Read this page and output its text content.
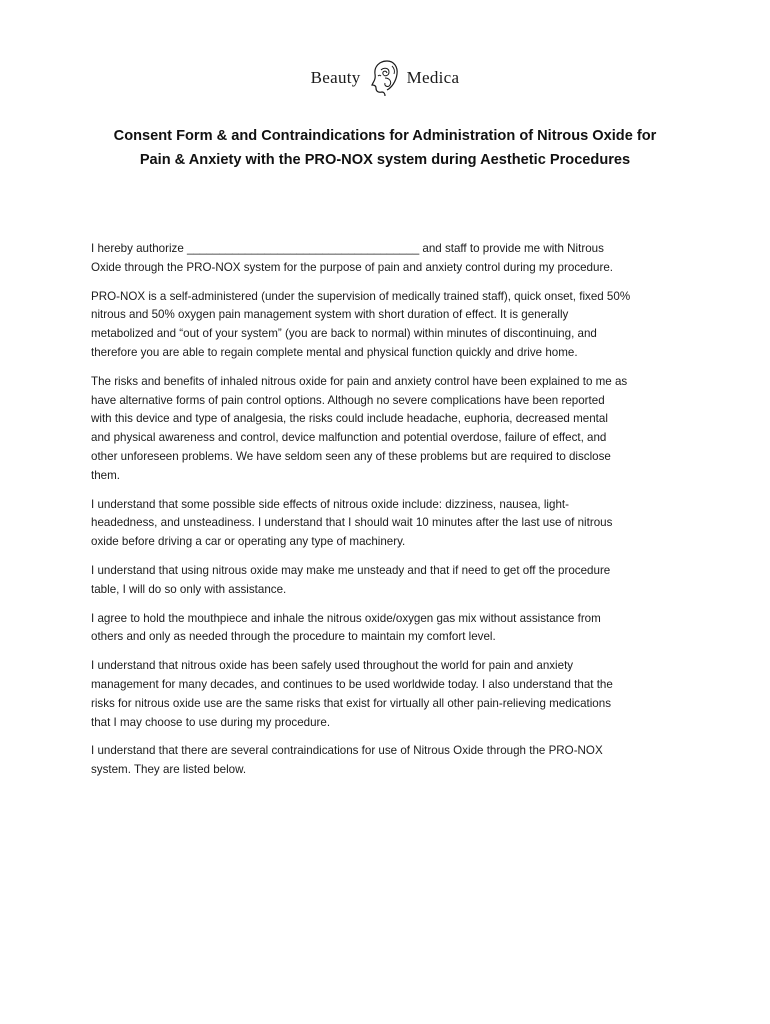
Beauty	Medica
Consent Form & and Contraindications for Administration of Nitrous Oxide for
Pain & Anxiety with the PRO-NOX system during Aesthetic Procedures

I hereby authorize ____________________________________ and staff to provide me with Nitrous
Oxide through the PRO-NOX system for the purpose of pain and anxiety control during my procedure.

PRO-NOX is a self-administered (under the supervision of medically trained staff), quick onset, fixed 50%
nitrous and 50% oxygen pain management system with short duration of effect. It is generally
metabolized and “out of your system” (you are back to normal) within minutes of discontinuing, and
therefore you are able to regain complete mental and physical function quickly and drive home.

The risks and benefits of inhaled nitrous oxide for pain and anxiety control have been explained to me as
have alternative forms of pain control options. Although no severe complications have been reported
with this device and type of analgesia, the risks could include headache, euphoria, decreased mental
and physical awareness and control, device malfunction and potential overdose, failure of effect, and
other unforeseen problems. We have seldom seen any of these problems but are required to disclose
them.

I understand that some possible side effects of nitrous oxide include: dizziness, nausea, light-
headedness, and unsteadiness. I understand that I should wait 10 minutes after the last use of nitrous
oxide before driving a car or operating any type of machinery.

I understand that using nitrous oxide may make me unsteady and that if need to get off the procedure
table, I will do so only with assistance.

I agree to hold the mouthpiece and inhale the nitrous oxide/oxygen gas mix without assistance from
others and only as needed through the procedure to maintain my comfort level.

I understand that nitrous oxide has been safely used throughout the world for pain and anxiety
management for many decades, and continues to be used worldwide today. I also understand that the
risks for nitrous oxide use are the same risks that exist for virtually all other pain-relieving medications
that I may choose to use during my procedure.

I understand that there are several contraindications for use of Nitrous Oxide through the PRO-NOX
system. They are listed below.
